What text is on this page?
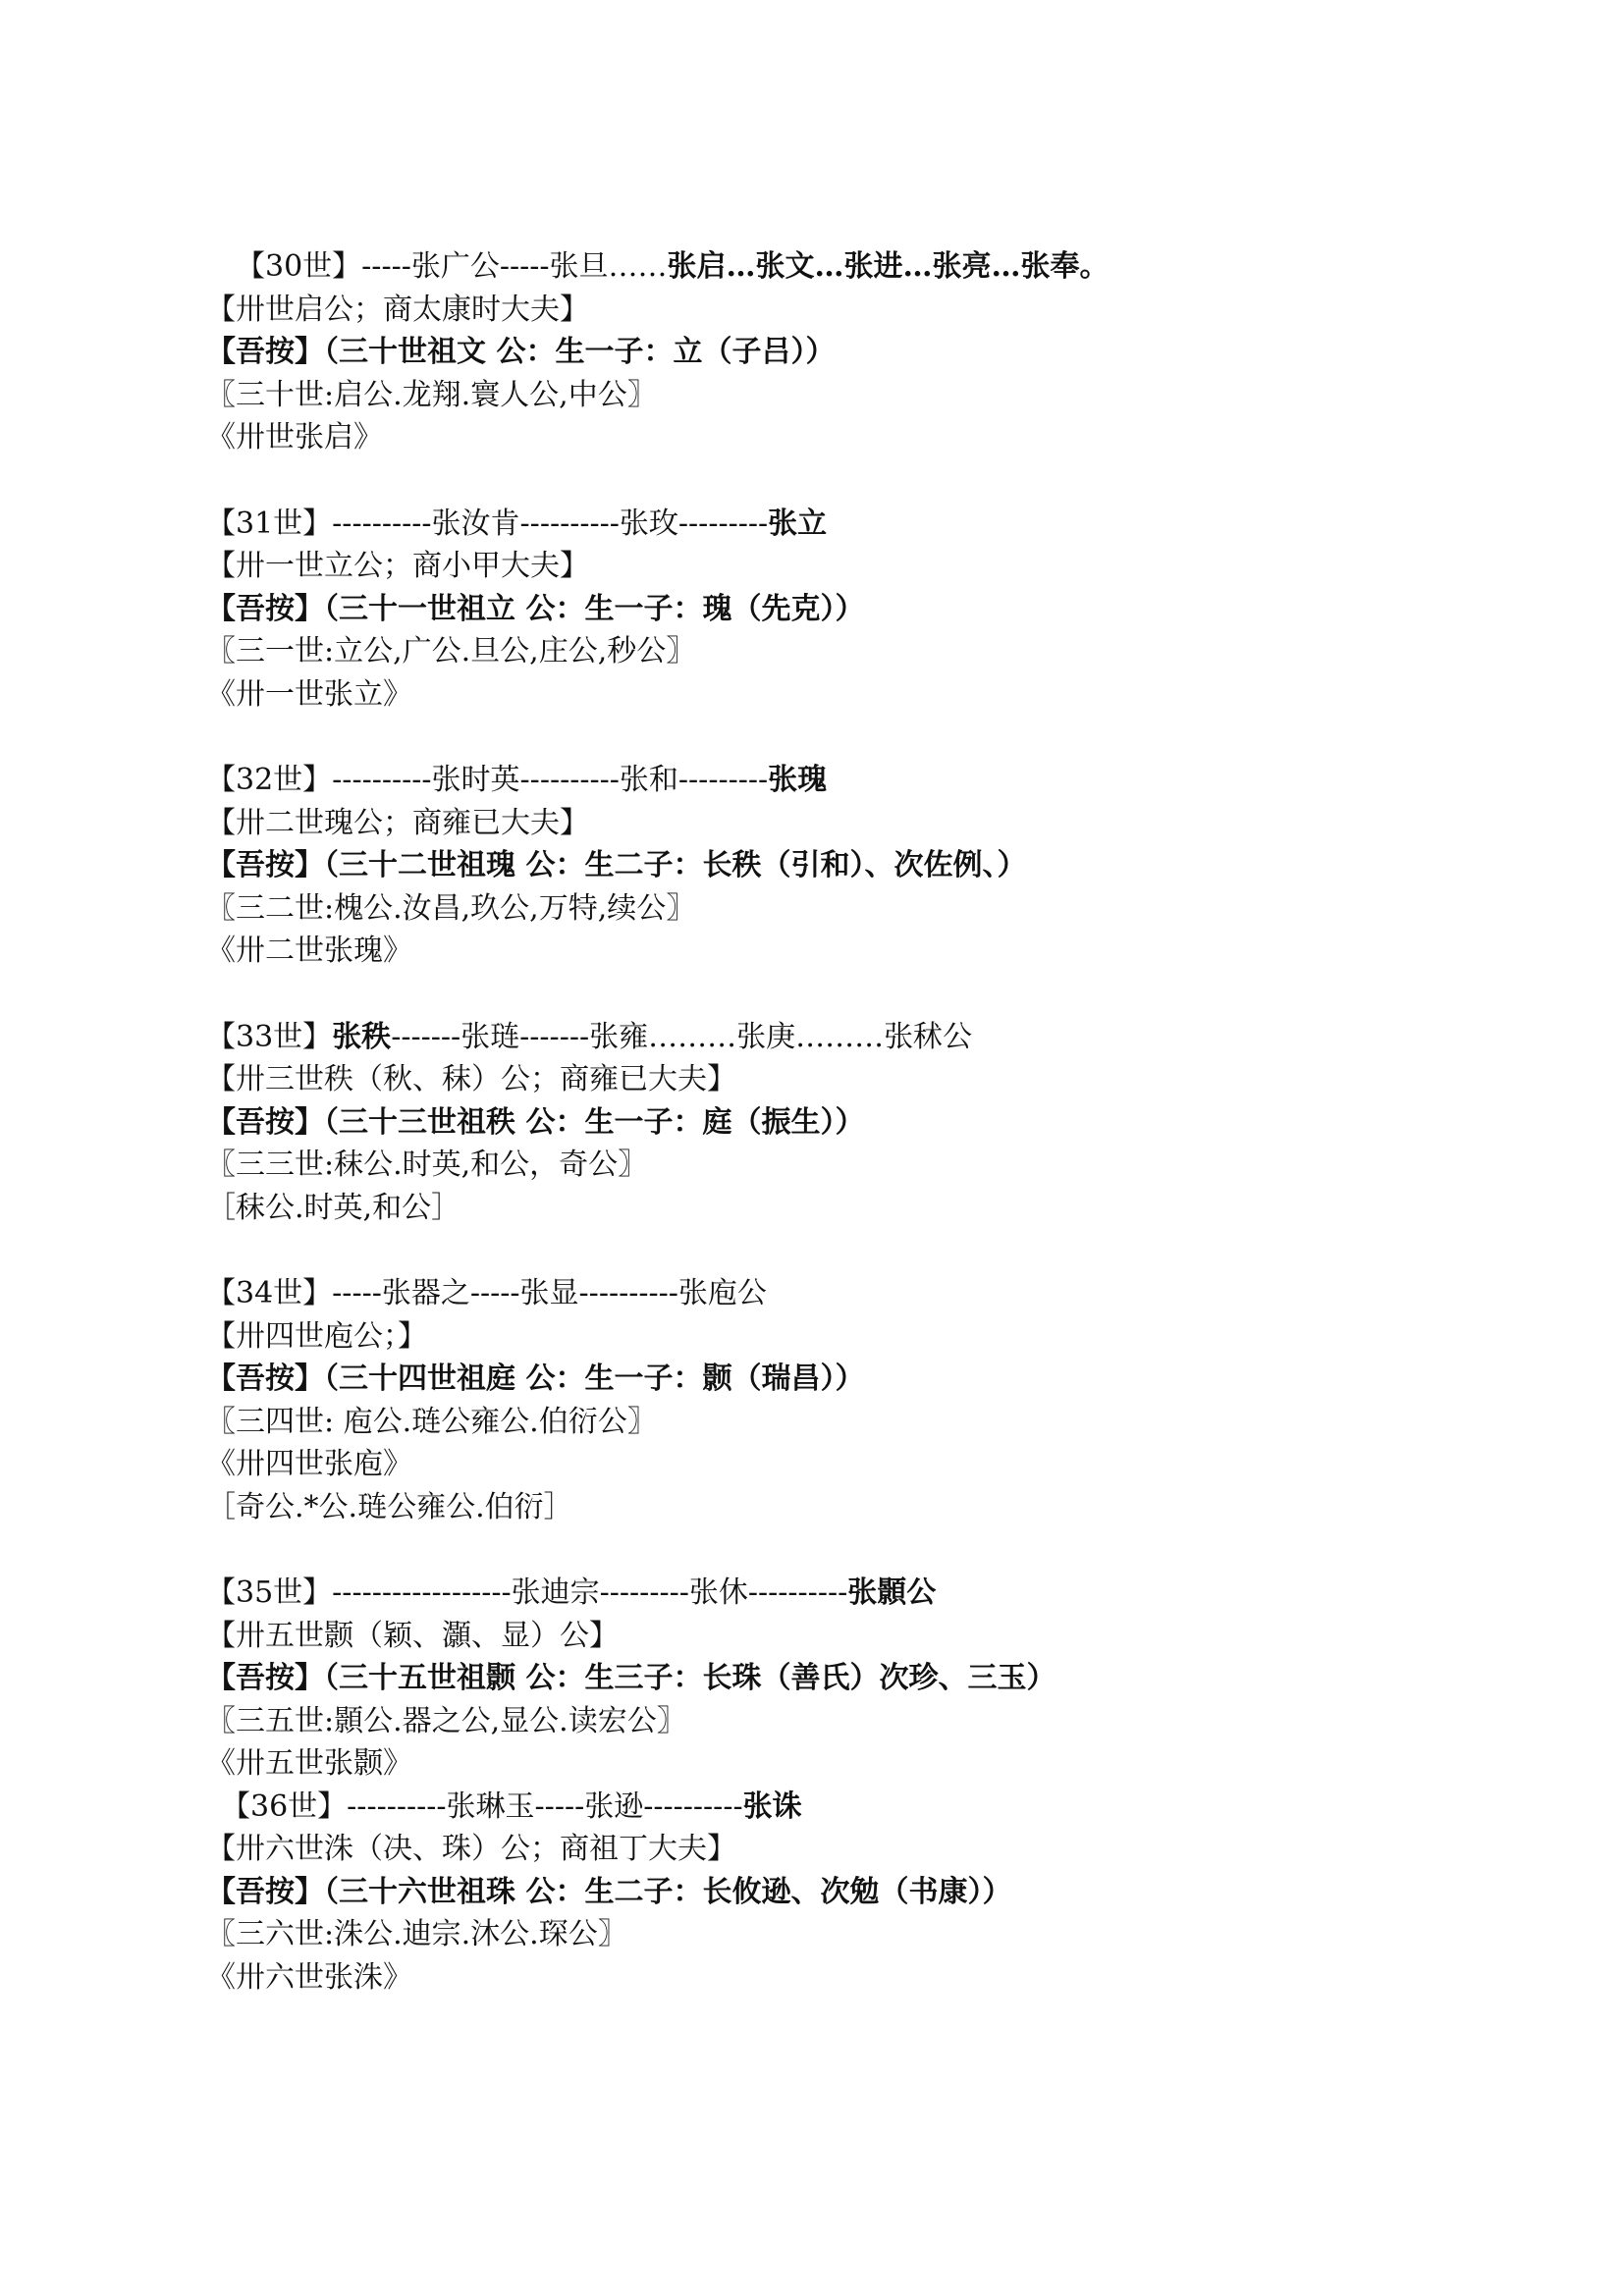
【30世】-----张广公-----张旦……张启…张文…张进…张亮…张奉。
【卅世启公；商太康时大夫】
【吾按】（三十世祖文 公：生一子：立（子吕））
〖三十世:启公.龙翔.寰人公,中公〗
《卅世张启》
【31世】----------张汝肯----------张玫---------张立
【卅一世立公；商小甲大夫】
【吾按】（三十一世祖立 公：生一子：瑰（先克））
〖三一世:立公,广公.旦公,庄公,秒公〗
《卅一世张立》
【32世】----------张时英----------张和---------张瑰
【卅二世瑰公；商雍已大夫】
【吾按】（三十二世祖瑰 公：生二子：长秩（引和）、次佐例、）
〖三二世:槐公.汝昌,玖公,万特,续公〗
《卅二世张瑰》
【33世】张秩-------张琏-------张雍………张庚………张秫公
【卅三世秩（秋、秣）公；商雍已大夫】
【吾按】（三十三世祖秩 公：生一子：庭（振生））
〖三三世:秣公.时英,和公，奇公〗
［秣公.时英,和公］
【34世】-----张器之-----张显----------张庖公
【卅四世庖公；】
【吾按】（三十四世祖庭 公：生一子：颢（瑞昌））
〖三四世: 庖公.琏公雍公.伯衍公〗
《卅四世张庖》
［奇公.*公.琏公雍公.伯衍］
【35世】------------------张迪宗---------张休----------张顥公
【卅五世颢（颖、灝、显）公】
【吾按】（三十五世祖颢 公：生三子：长珠（善氏）次珍、三玉）
〖三五世:顥公.器之公,显公.读宏公〗
《卅五世张颢》
【36世】----------张琳玉-----张逊----------张诛
【卅六世洙（决、珠）公；商祖丁大夫】
【吾按】（三十六世祖珠 公：生二子：长攸逊、次勉（书康））
〖三六世:洙公.迪宗.沐公.琛公〗
《卅六世张洙》
